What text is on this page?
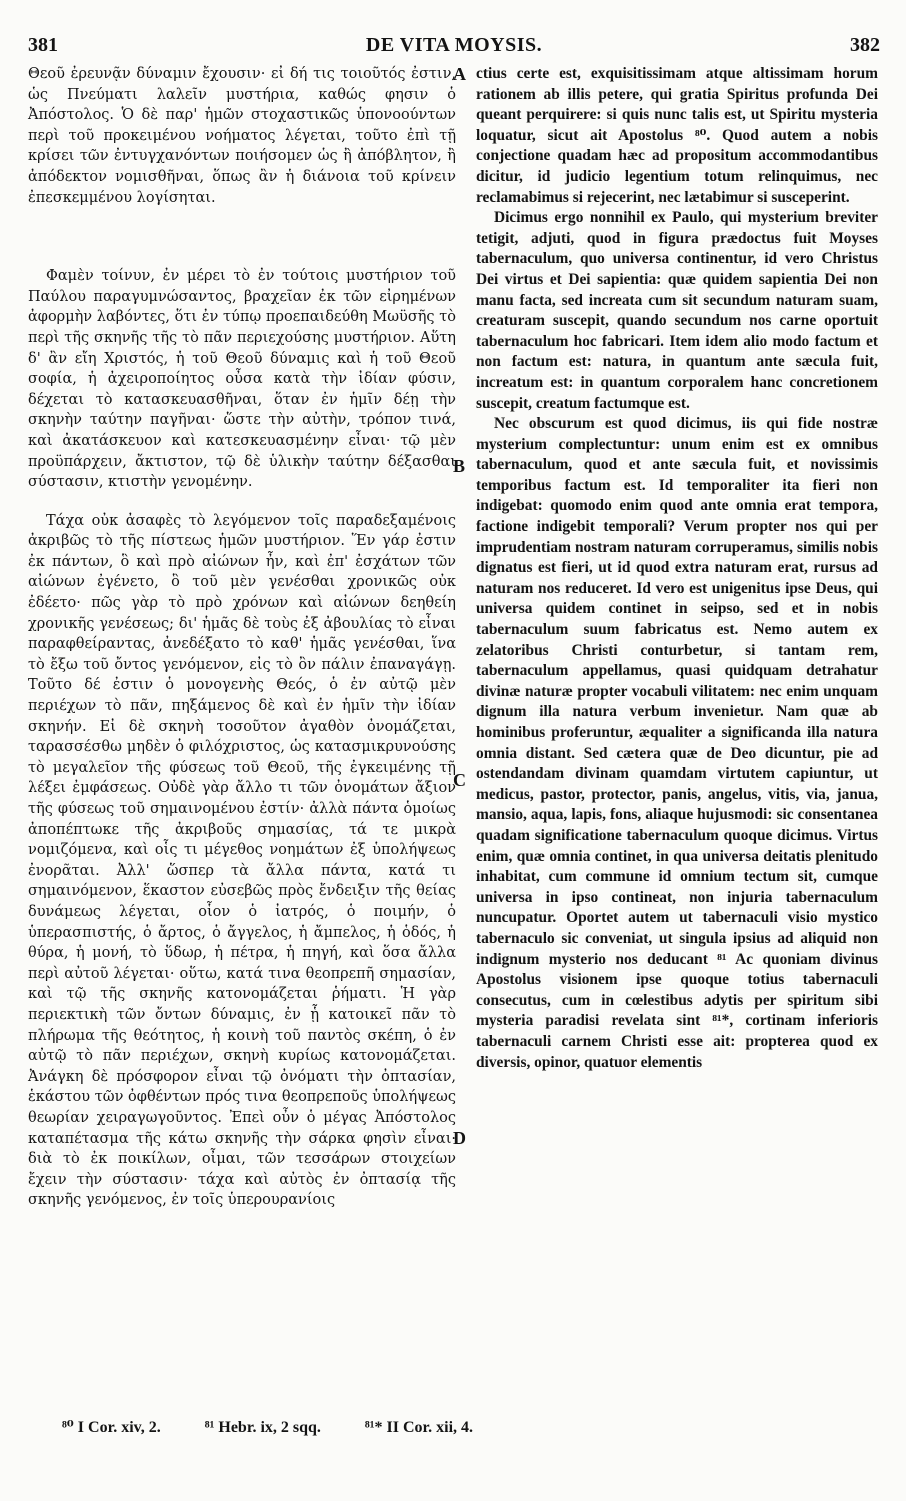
381	DE VITA MOYSIS.	382

Θεοῦ ἐρευνᾷν δύναμιν ἔχουσιν· εἰ δή τις τοιοῦτός ἐστιν, ὡς Πνεύματι λαλεῖν μυστήρια, καθώς φησιν ὁ Ἀπόστολος. Ὁ δὲ παρ' ἡμῶν στοχαστικῶς ὑπονοούντων περὶ τοῦ προκειμένου νοήματος λέγεται, τοῦτο ἐπὶ τῇ κρίσει τῶν ἐντυγχανόντων ποιήσομεν ὡς ἢ ἀπόβλητον, ἢ ἀπόδεκτον νομισθῆναι, ὅπως ἂν ἡ διάνοια τοῦ κρίνειν ἐπεσκεμμένου λογίσηται.

Φαμὲν τοίνυν, ἐν μέρει τὸ ἐν τούτοις μυστήριον τοῦ Παύλου παραγυμνώσαντος, βραχεῖαν ἐκ τῶν εἰρημένων ἀφορμὴν λαβόντες, ὅτι ἐν τύπῳ προεπαιδεύθη Μωϋσῆς τὸ περὶ τῆς σκηνῆς τῆς τὸ πᾶν περιεχούσης μυστήριον. Αὕτη δ' ἂν εἴη Χριστός, ἡ τοῦ Θεοῦ δύναμις καὶ ἡ τοῦ Θεοῦ σοφία, ἡ ἀχειροποίητος οὖσα κατὰ τὴν ἰδίαν φύσιν, δέχεται τὸ κατασκευασθῆναι, ὅταν ἐν ἡμῖν δέῃ τὴν σκηνὴν ταύτην παγῆναι· ὥστε τὴν αὐτὴν, τρόπον τινά, καὶ ἀκατάσκευον καὶ κατεσκευασμένην εἶναι· τῷ μὲν προϋπάρχειν, ἄκτιστον, τῷ δὲ ὑλικὴν ταύτην δέξασθαι σύστασιν, κτιστὴν γενομένην.

Τάχα οὐκ ἀσαφὲς τὸ λεγόμενον τοῖς παραδεξαμένοις ἀκριβῶς τὸ τῆς πίστεως ἡμῶν μυστήριον. Ἕν γάρ ἐστιν ἐκ πάντων, ὃ καὶ πρὸ αἰώνων ἦν, καὶ ἐπ' ἐσχάτων τῶν αἰώνων ἐγένετο, ὃ τοῦ μὲν γενέσθαι χρονικῶς οὐκ ἐδέετο· πῶς γὰρ τὸ πρὸ χρόνων καὶ αἰώνων δεηθείη χρονικῆς γενέσεως; δι' ἡμᾶς δὲ τοὺς ἐξ ἀβουλίας τὸ εἶναι παραφθείραντας, ἀνεδέξατο τὸ καθ' ἡμᾶς γενέσθαι, ἵνα τὸ ἔξω τοῦ ὄντος γενόμενον, εἰς τὸ ὂν πάλιν ἐπαναγάγῃ. Τοῦτο δέ ἐστιν ὁ μονογενὴς Θεός, ὁ ἐν αὐτῷ μὲν περιέχων τὸ πᾶν, πηξάμενος δὲ καὶ ἐν ἡμῖν τὴν ἰδίαν σκηνήν. Εἰ δὲ σκηνὴ τοσοῦτον ἀγαθὸν ὀνομάζεται, ταρασσέσθω μηδὲν ὁ φιλόχριστος, ὡς κατασμικρυνούσης τὸ μεγαλεῖον τῆς φύσεως τοῦ Θεοῦ, τῆς ἐγκειμένης τῇ λέξει ἐμφάσεως. Οὐδὲ γὰρ ἄλλο τι τῶν ὀνομάτων ἄξιον τῆς φύσεως τοῦ σημαινομένου ἐστίν· ἀλλὰ πάντα ὁμοίως ἀποπέπτωκε τῆς ἀκριβοῦς σημασίας, τά τε μικρὰ νομιζόμενα, καὶ οἷς τι μέγεθος νοημάτων ἐξ ὑπολήψεως ἐνορᾶται. Ἀλλ' ὥσπερ τὰ ἄλλα πάντα, κατά τι σημαινόμενον, ἕκαστον εὐσεβῶς πρὸς ἔνδειξιν τῆς θείας δυνάμεως λέγεται, οἷον ὁ ἰατρός, ὁ ποιμήν, ὁ ὑπερασπιστής, ὁ ἄρτος, ὁ ἄγγελος, ἡ ἄμπελος, ἡ ὁδός, ἡ θύρα, ἡ μονή, τὸ ὕδωρ, ἡ πέτρα, ἡ πηγή, καὶ ὅσα ἄλλα περὶ αὐτοῦ λέγεται· οὕτω, κατά τινα θεοπρεπῆ σημασίαν, καὶ τῷ τῆς σκηνῆς κατονομάζεται ῥήματι. Ἡ γὰρ περιεκτικὴ τῶν ὄντων δύναμις, ἐν ᾗ κατοικεῖ πᾶν τὸ πλήρωμα τῆς θεότητος, ἡ κοινὴ τοῦ παντὸς σκέπη, ὁ ἐν αὐτῷ τὸ πᾶν περιέχων, σκηνὴ κυρίως κατονομάζεται. Ἀνάγκη δὲ πρόσφορον εἶναι τῷ ὀνόματι τὴν ὀπτασίαν, ἑκάστου τῶν ὀφθέντων πρός τινα θεοπρεποῦς ὑπολήψεως θεωρίαν χειραγωγοῦντος. Ἐπεὶ οὖν ὁ μέγας Ἀπόστολος καταπέτασμα τῆς κάτω σκηνῆς τὴν σάρκα φησὶν εἶναι· διὰ τὸ ἐκ ποικίλων, οἶμαι, τῶν τεσσάρων στοιχείων ἔχειν τὴν σύστασιν· τάχα καὶ αὐτὸς ἐν ὀπτασίᾳ τῆς σκηνῆς γενόμενος, ἐν τοῖς ὑπερουρανίοις

A
B
C
D

ctius certe est, exquisitissimam atque altissimam horum rationem ab illis petere, qui gratia Spiritus profunda Dei queant perquirere: si quis nunc talis est, ut Spiritu mysteria loquatur, sicut ait Apostolus ⁸⁰. Quod autem a nobis conjectione quadam hæc ad propositum accommodantibus dicitur, id judicio legentium totum relinquimus, nec reclamabimus si rejecerint, nec lætabimur si susceperint.

Dicimus ergo nonnihil ex Paulo, qui mysterium breviter tetigit, adjuti, quod in figura prædoctus fuit Moyses tabernaculum, quo universa continentur, id vero Christus Dei virtus et Dei sapientia: quæ quidem sapientia Dei non manu facta, sed increata cum sit secundum naturam suam, creaturam suscepit, quando secundum nos carne oportuit tabernaculum hoc fabricari. Item idem alio modo factum et non factum est: natura, in quantum ante sæcula fuit, increatum est: in quantum corporalem hanc concretionem suscepit, creatum factumque est.

Nec obscurum est quod dicimus, iis qui fide nostræ mysterium complectuntur: unum enim est ex omnibus tabernaculum, quod et ante sæcula fuit, et novissimis temporibus factum est. Id temporaliter ita fieri non indigebat: quomodo enim quod ante omnia erat tempora, factione indigebit temporali? Verum propter nos qui per imprudentiam nostram naturam corruperamus, similis nobis dignatus est fieri, ut id quod extra naturam erat, rursus ad naturam nos reduceret. Id vero est unigenitus ipse Deus, qui universa quidem continet in seipso, sed et in nobis tabernaculum suum fabricatus est. Nemo autem ex zelatoribus Christi conturbetur, si tantam rem, tabernaculum appellamus, quasi quidquam detrahatur divinæ naturæ propter vocabuli vilitatem: nec enim unquam dignum illa natura verbum invenietur. Nam quæ ab hominibus proferuntur, æqualiter a significanda illa natura omnia distant. Sed cætera quæ de Deo dicuntur, pie ad ostendandam divinam quamdam virtutem capiuntur, ut medicus, pastor, protector, panis, angelus, vitis, via, janua, mansio, aqua, lapis, fons, aliaque hujusmodi: sic consentanea quadam significatione tabernaculum quoque dicimus. Virtus enim, quæ omnia continet, in qua universa deitatis plenitudo inhabitat, cum commune id omnium tectum sit, cumque universa in ipso contineat, non injuria tabernaculum nuncupatur. Oportet autem ut tabernaculi visio mystico tabernaculo sic conveniat, ut singula ipsius ad aliquid non indignum mysterio nos deducant ⁸¹ Ac quoniam divinus Apostolus visionem ipse quoque totius tabernaculi consecutus, cum in cœlestibus adytis per spiritum sibi mysteria paradisi revelata sint ⁸¹*, cortinam inferioris tabernaculi carnem Christi esse ait: propterea quod ex diversis, opinor, quatuor elementis

⁸⁰ I Cor. xiv, 2.	⁸¹ Hebr. ix, 2 sqq.	⁸¹* II Cor. xii, 4.
